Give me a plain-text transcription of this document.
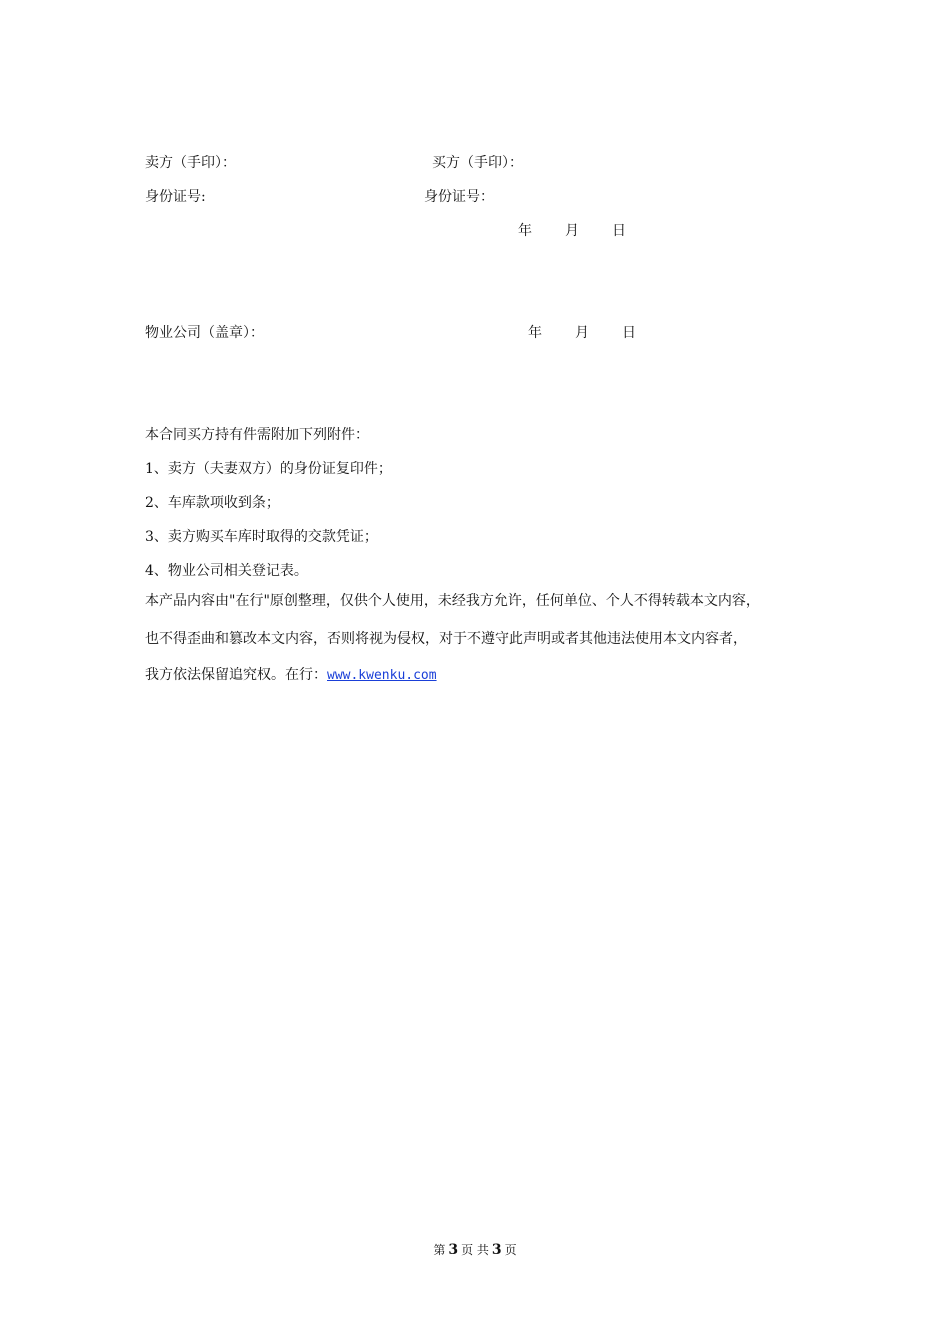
卖方（手印）：	买方（手印）：
身份证号:	身份证号：
年 月 日
物业公司（盖章）：	年 月 日
本合同买方持有件需附加下列附件：
1、卖方（夫妻双方）的身份证复印件；
2、车库款项收到条；
3、卖方购买车库时取得的交款凭证；
4、物业公司相关登记表。
本产品内容由"在行"原创整理，仅供个人使用，未经我方允许，任何单位、个人不得转载本文内容，
也不得歪曲和篡改本文内容，否则将视为侵权，对于不遵守此声明或者其他违法使用本文内容者，
我方依法保留追究权。在行：www.kwenku.com
第 3 页 共 3 页
